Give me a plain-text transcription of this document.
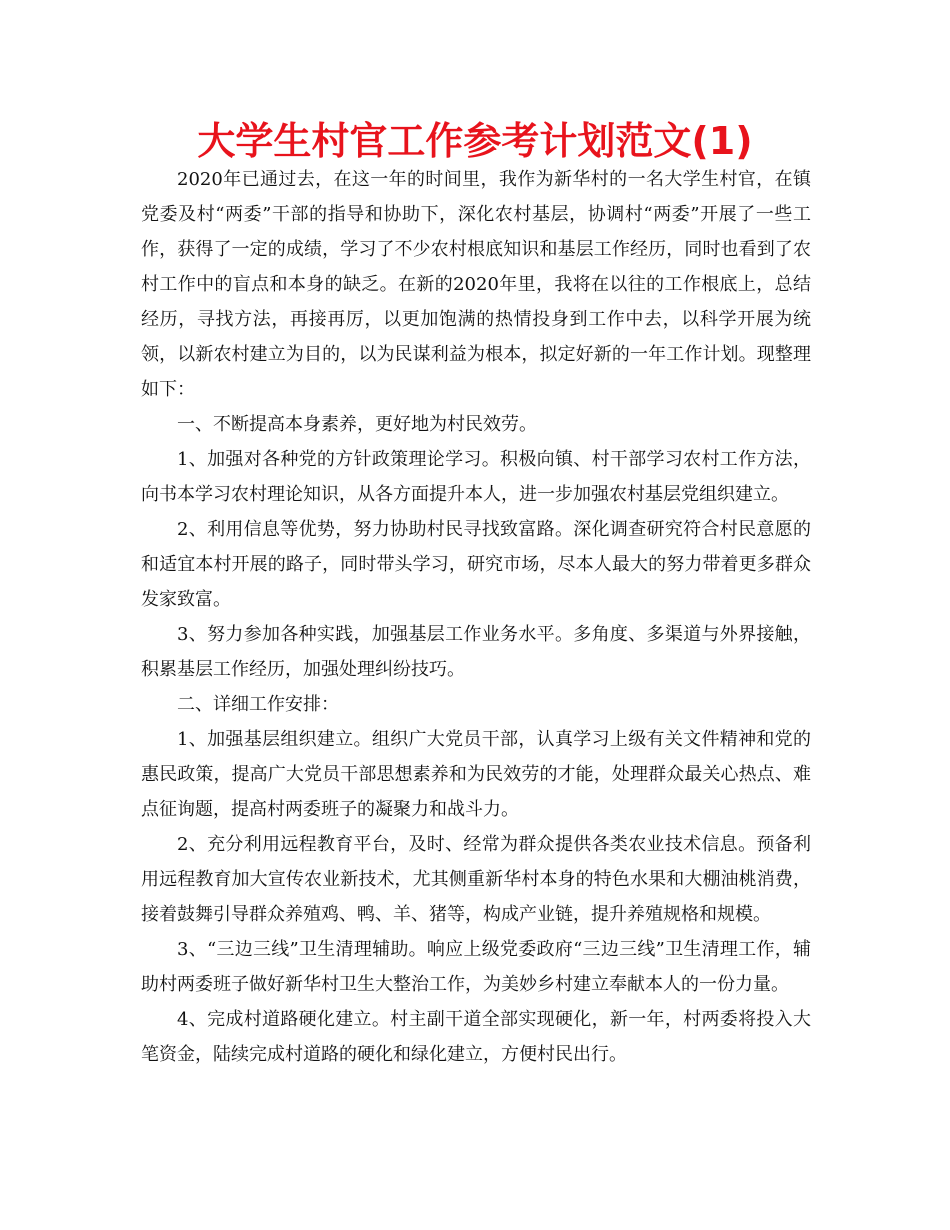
大学生村官工作参考计划范文(1)

2020年已通过去，在这一年的时间里，我作为新华村的一名大学生村官，在镇党委及村“两委”干部的指导和协助下，深化农村基层，协调村“两委”开展了一些工作，获得了一定的成绩，学习了不少农村根底知识和基层工作经历，同时也看到了农村工作中的盲点和本身的缺乏。在新的2020年里，我将在以往的工作根底上，总结经历，寻找方法，再接再厉，以更加饱满的热情投身到工作中去，以科学开展为统领，以新农村建立为目的，以为民谋利益为根本，拟定好新的一年工作计划。现整理如下：

一、不断提高本身素养，更好地为村民效劳。

1、加强对各种党的方针政策理论学习。积极向镇、村干部学习农村工作方法，向书本学习农村理论知识，从各方面提升本人，进一步加强农村基层党组织建立。

2、利用信息等优势，努力协助村民寻找致富路。深化调查研究符合村民意愿的和适宜本村开展的路子，同时带头学习，研究市场，尽本人最大的努力带着更多群众发家致富。

3、努力参加各种实践，加强基层工作业务水平。多角度、多渠道与外界接触，积累基层工作经历，加强处理纠纷技巧。

二、详细工作安排：

1、加强基层组织建立。组织广大党员干部，认真学习上级有关文件精神和党的惠民政策，提高广大党员干部思想素养和为民效劳的才能，处理群众最关心热点、难点征询题，提高村两委班子的凝聚力和战斗力。

2、充分利用远程教育平台，及时、经常为群众提供各类农业技术信息。预备利用远程教育加大宣传农业新技术，尤其侧重新华村本身的特色水果和大棚油桃消费，接着鼓舞引导群众养殖鸡、鸭、羊、猪等，构成产业链，提升养殖规格和规模。

3、“三边三线”卫生清理辅助。响应上级党委政府“三边三线”卫生清理工作，辅助村两委班子做好新华村卫生大整治工作，为美妙乡村建立奉献本人的一份力量。

4、完成村道路硬化建立。村主副干道全部实现硬化，新一年，村两委将投入大笔资金，陆续完成村道路的硬化和绿化建立，方便村民出行。
